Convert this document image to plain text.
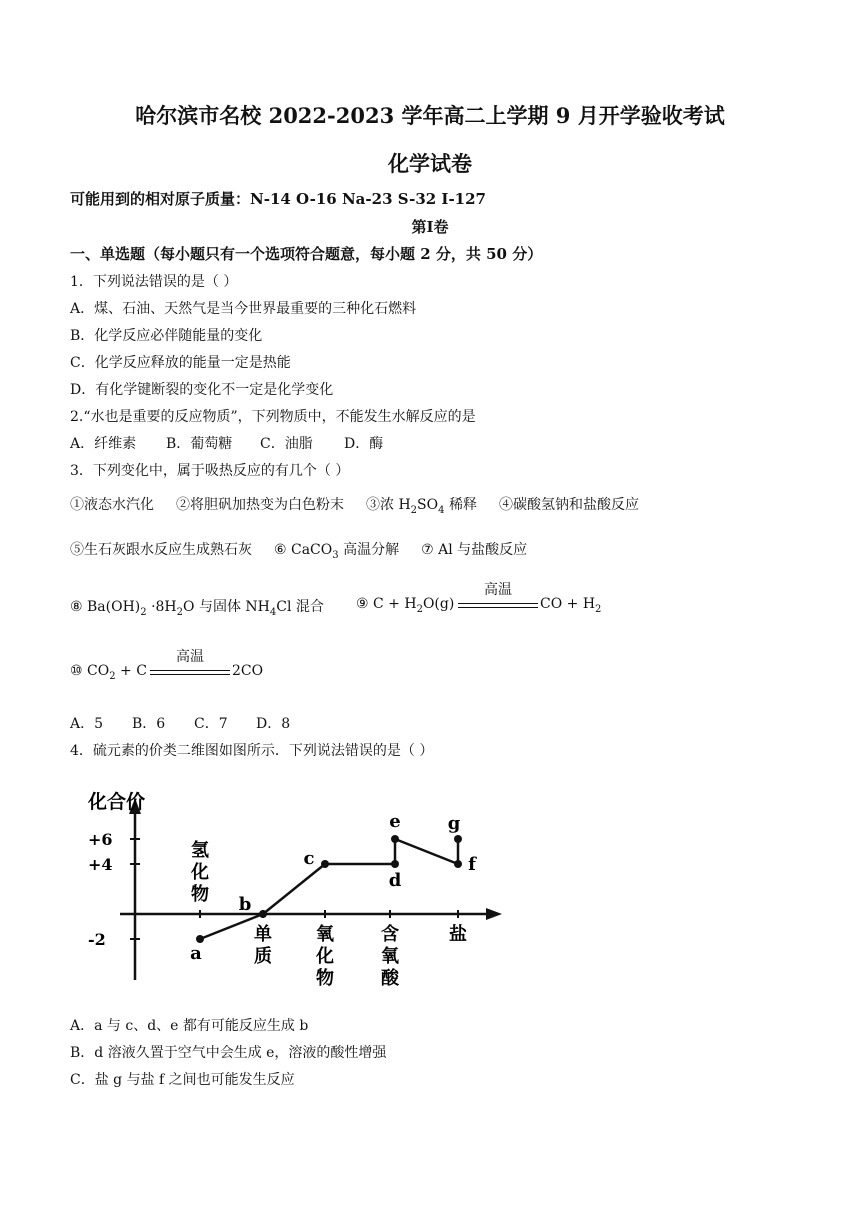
哈尔滨市名校 2022-2023 学年高二上学期 9 月开学验收考试
化学试卷
可能用到的相对原子质量：N-14 O-16 Na-23 S-32 I-127
第Ⅰ卷
一、单选题（每小题只有一个选项符合题意，每小题 2 分，共 50 分）
1．下列说法错误的是（ ）
A．煤、石油、天然气是当今世界最重要的三种化石燃料
B．化学反应必伴随能量的变化
C．化学反应释放的能量一定是热能
D．有化学键断裂的变化不一定是化学变化
2.“水也是重要的反应物质”，下列物质中，不能发生水解反应的是
A．纤维素 B．葡萄糖 C．油脂 D．酶
3．下列变化中，属于吸热反应的有几个（ ）
①液态水汽化 ②将胆矾加热变为白色粉末 ③浓 $H_2SO_4$ 稀释 ④碳酸氢钠和盐酸反应
⑤生石灰跟水反应生成熟石灰 ⑥ CaCO$_3$ 高温分解 ⑦ Al 与盐酸反应
⑧ $Ba(OH)_2 \cdot 8H_2O$ 与固体 $NH_4Cl$ 混合 ⑨ $C + H_2O(g)$
高温
CO + $H_2$
⑩ $CO_2 + C$
高温
2CO
A．5 B．6 C．7 D．8
4．硫元素的价类二维图如图所示．下列说法错误的是（ ）
化合价
+6
+4
-2
氢
化
物
单
质
氧
化
物
含
氧
酸
盐
a
b
c
d
e
f
g
A．a 与 c、d、e 都有可能反应生成 b
B．d 溶液久置于空气中会生成 e，溶液的酸性增强
C．盐 g 与盐 f 之间也可能发生反应
